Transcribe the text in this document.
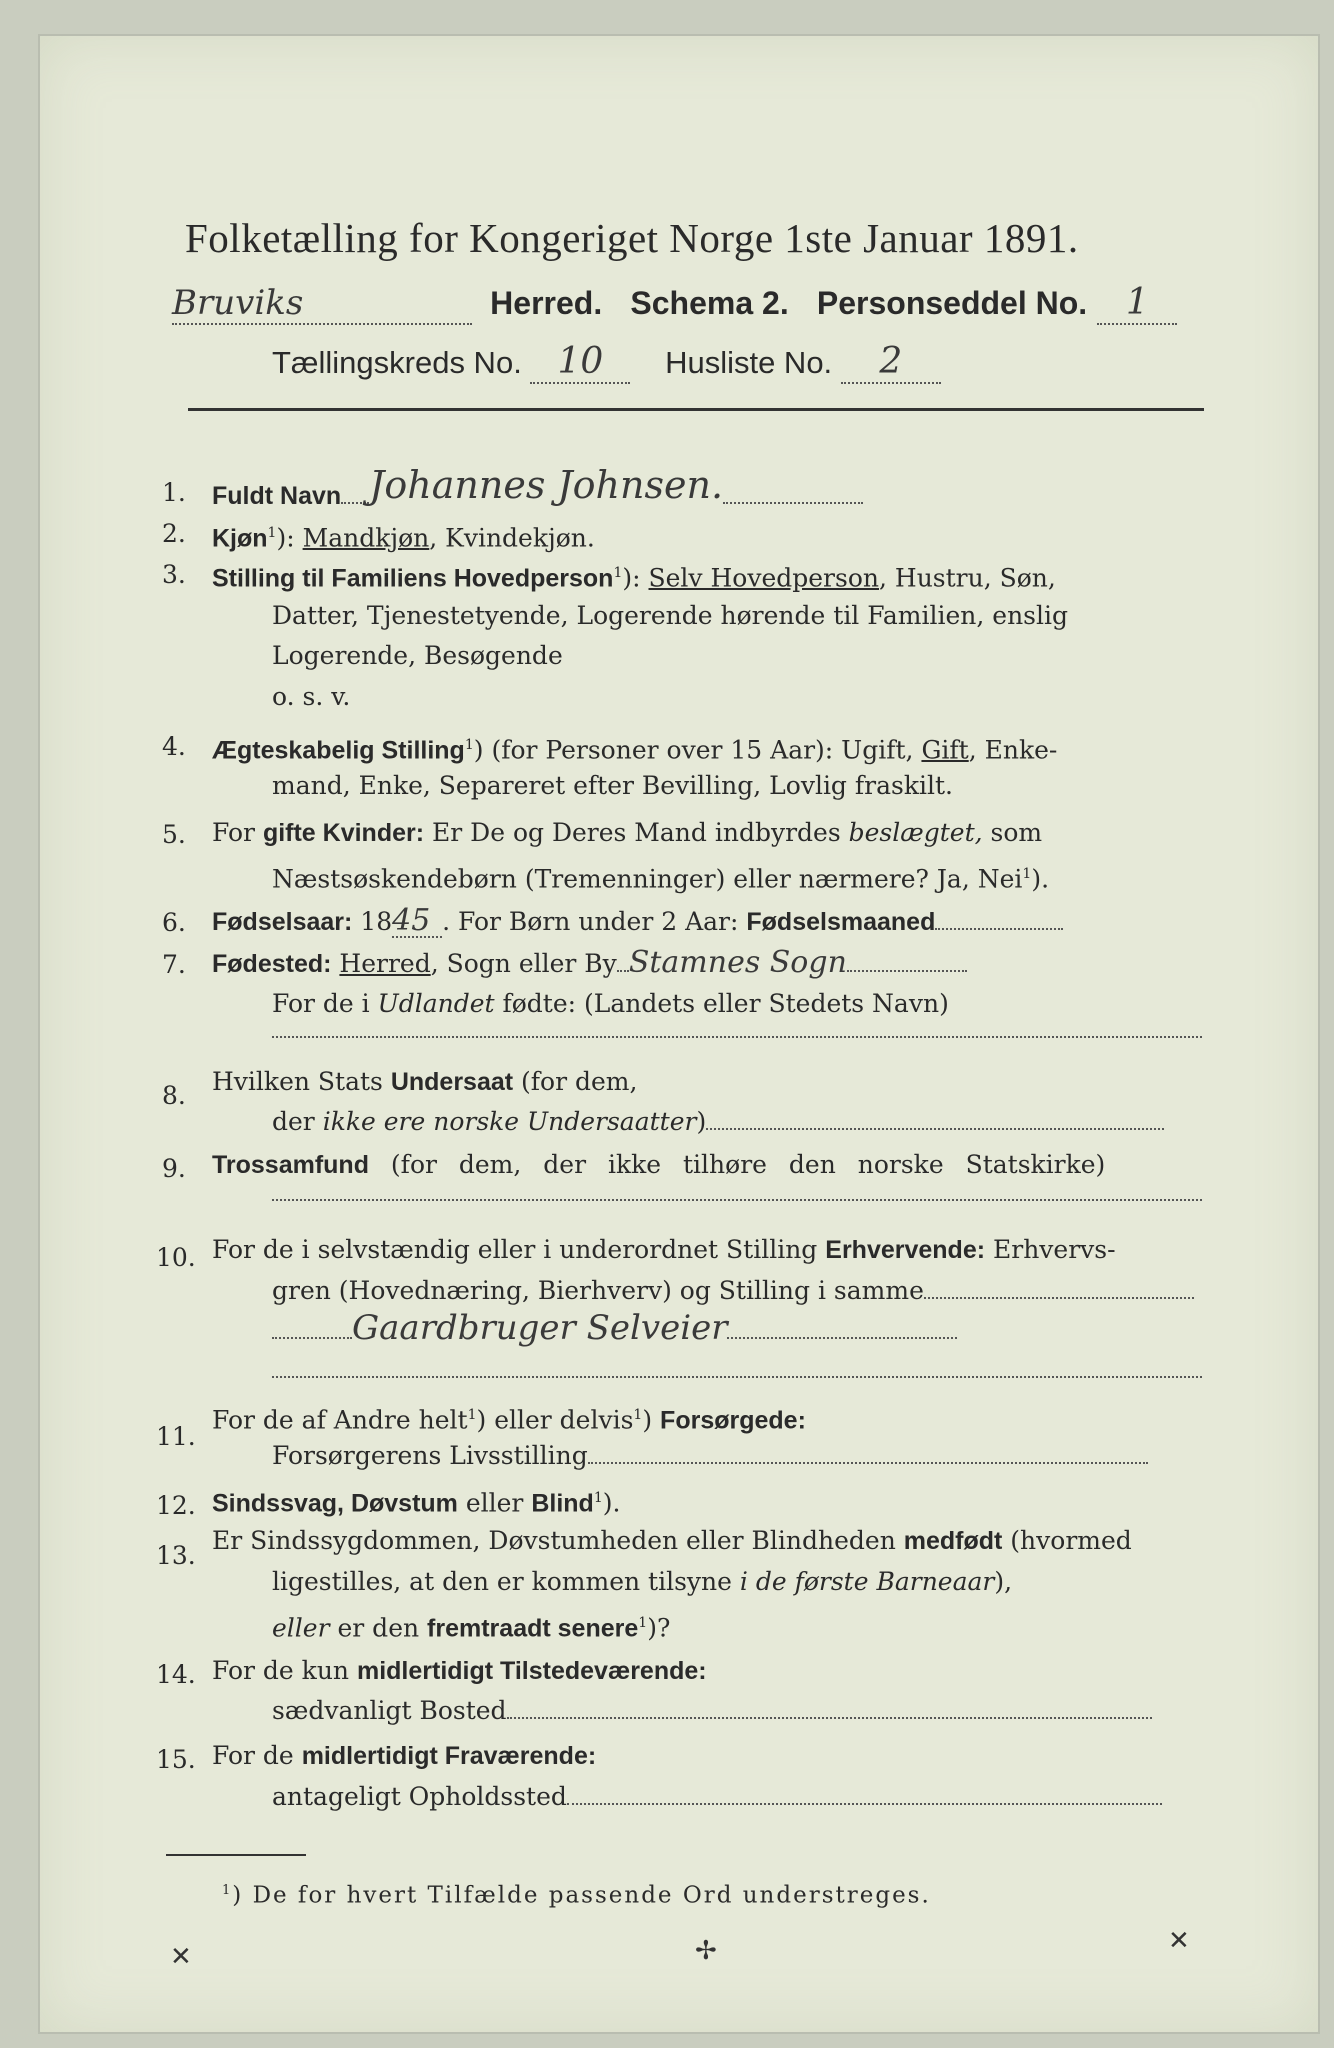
Folketælling for Kongeriget Norge 1ste Januar 1891.
Bruviks	Herred. Schema 2. Personseddel No. 1
Tællingskreds No. 10 Husliste No. 2
1. Fuldt Navn Johannes Johnsen.
2. Kjøn$^1$): Mandkjøn, Kvindekjøn.
3. Stilling til Familiens Hovedperson$^1$): Selv Hovedperson, Hustru, Søn,
Datter, Tjenestetyende, Logerende hørende til Familien, enslig
Logerende, Besøgende
o. s. v.
4. Ægteskabelig Stilling$^1$) (for Personer over 15 Aar): Ugift, Gift, Enke-
mand, Enke, Separeret efter Bevilling, Lovlig fraskilt.
5. For gifte Kvinder: Er De og Deres Mand indbyrdes beslægtet, som
Næstsøskendebørn (Tremenninger) eller nærmere? Ja, Nei$^1$).
6. Fødselsaar: 1845 . For Børn under 2 Aar: Fødselsmaaned
7. Fødested: Herred, Sogn eller By Stamnes Sogn
For de i Udlandet fødte: (Landets eller Stedets Navn)
8. Hvilken Stats Undersaat (for dem,
der ikke ere norske Undersaatter)
9. Trossamfund (for dem, der ikke tilhøre den norske Statskirke)
10. For de i selvstændig eller i underordnet Stilling Erhvervende: Erhvervs-
gren (Hovednæring, Bierhverv) og Stilling i samme
Gaardbruger Selveier
11.
For de af Andre helt$^1$) eller delvis$^1$) Forsørgede:
Forsørgerens Livsstilling
12. Sindssvag, Døvstum eller Blind$^1$).
13.
Er Sindssygdommen, Døvstumheden eller Blindheden medfødt (hvormed
ligestilles, at den er kommen tilsyne i de første Barneaar),
eller er den fremtraadt senere$^1$)?
14. For de kun midlertidigt Tilstedeværende:
sædvanligt Bosted
15. For de midlertidigt Fraværende:
antageligt Opholdssted
$^1$) De for hvert Tilfælde passende Ord understreges.
✕	✢	✕
